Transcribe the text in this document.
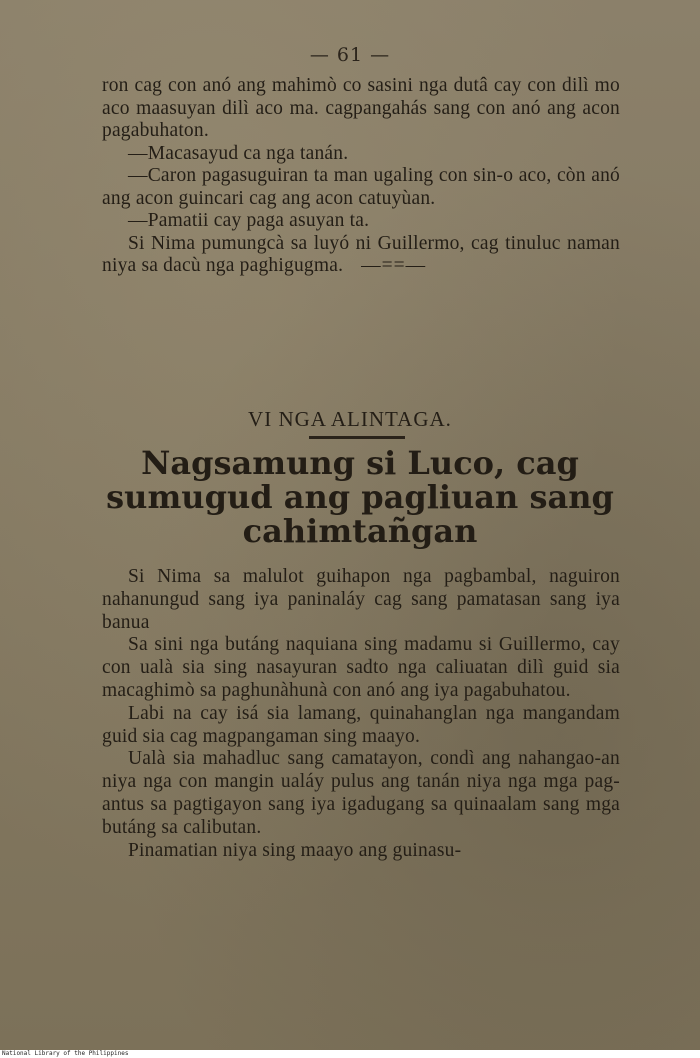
— 61 —

ron cag con anó ang mahimò co sasini nga dutâ cay con dilì mo aco maasuyan dilì aco ma. cagpangahás sang con anó ang acon pagabuhaton.

—Macasayud ca nga tanán.

—Caron pagasuguiran ta man ugaling con sin-o aco, còn anó ang acon guincari cag ang acon catuyùan.

—Pamatii cay paga asuyan ta.

Si Nima pumungcà sa luyó ni Guillermo, cag tinuluc naman niya sa dacù nga paghigugma. —==—

VI NGA ALINTAGA.
Nagsamung si Luco, cag sumugud ang pagliuan sang cahimtañgan

Si Nima sa malulot guihapon nga pagbambal, naguiron nahanungud sang iya paninaláy cag sang pamatasan sang iya banua

Sa sini nga butáng naquiana sing madamu si Guillermo, cay con ualà sia sing nasayuran sadto nga caliuatan dilì guid sia macaghimò sa paghunàhunà con anó ang iya pagabuhatou.

Labi na cay isá sia lamang, quinahanglan nga mangandam guid sia cag magpangaman sing maayo.

Ualà sia mahadluc sang camatayon, condì ang nahangao-an niya nga con mangin ualáy pulus ang tanán niya nga mga pag-antus sa pagtigayon sang iya igadugang sa quinaalam sang mga butáng sa calibutan.

Pinamatian niya sing maayo ang guinasu-

National Library of the Philippines
